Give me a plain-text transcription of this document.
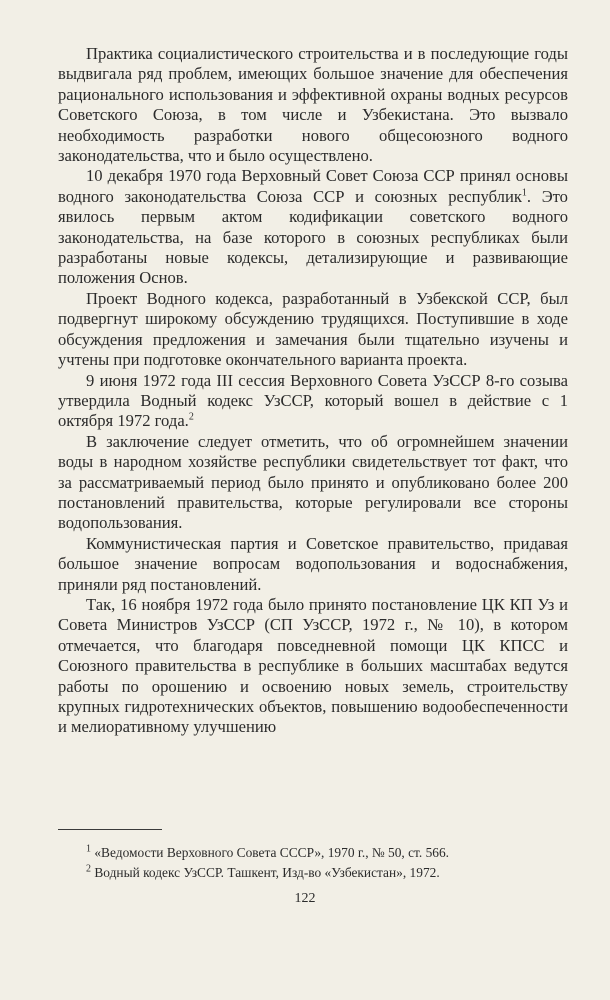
Практика социалистического строительства и в последующие годы выдвигала ряд проблем, имеющих большое значение для обеспечения рационального использования и эффективной охраны водных ресурсов Советского Союза, в том числе и Узбекистана. Это вызвало необходимость разработки нового общесоюзного водного законодательства, что и было осуществлено.

10 декабря 1970 года Верховный Совет Союза ССР принял основы водного законодательства Союза ССР и союзных республик$^1$. Это явилось первым актом кодификации советского водного законодательства, на базе которого в союзных республиках были разработаны новые кодексы, детализирующие и развивающие положения Основ.

Проект Водного кодекса, разработанный в Узбекской ССР, был подвергнут широкому обсуждению трудящихся. Поступившие в ходе обсуждения предложения и замечания были тщательно изучены и учтены при подготовке окончательного варианта проекта.

9 июня 1972 года III сессия Верховного Совета УзССР 8-го созыва утвердила Водный кодекс УзССР, который вошел в действие с 1 октября 1972 года.$^2$

В заключение следует отметить, что об огромнейшем значении воды в народном хозяйстве республики свидетельствует тот факт, что за рассматриваемый период было принято и опубликовано более 200 постановлений правительства, которые регулировали все стороны водопользования.

Коммунистическая партия и Советское правительство, придавая большое значение вопросам водопользования и водоснабжения, приняли ряд постановлений.

Так, 16 ноября 1972 года было принято постановление ЦК КП Уз и Совета Министров УзССР (СП УзССР, 1972 г., № 10), в котором отмечается, что благодаря повседневной помощи ЦК КПСС и Союзного правительства в республике в больших масштабах ведутся работы по орошению и освоению новых земель, строительству крупных гидротехнических объектов, повышению водообеспеченности и мелиоративному улучшению

$^1$ «Ведомости Верховного Совета СССР», 1970 г., № 50, ст. 566.

$^2$ Водный кодекс УзССР. Ташкент, Изд-во «Узбекистан», 1972.

122
